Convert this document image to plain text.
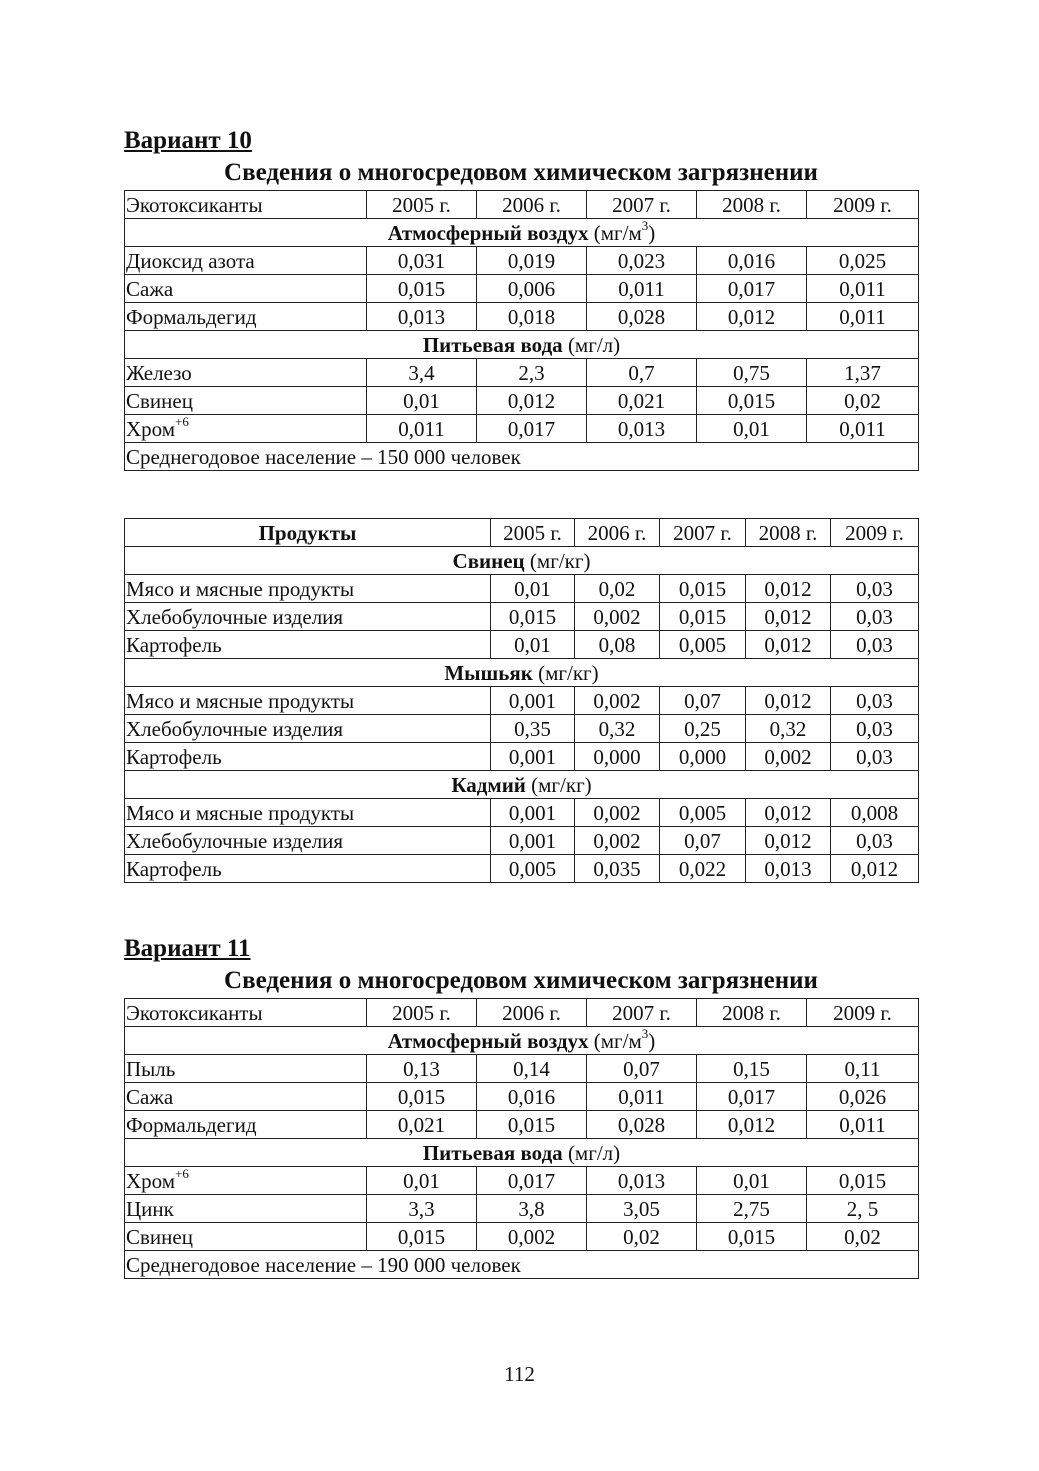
Вариант 10
Сведения о многосредовом химическом загрязнении
Экотоксиканты	2005 г.	2006 г.	2007 г.	2008 г.	2009 г.
Атмосферный воздух $(мг/м^3)$					
Диоксид азота	0,031	0,019	0,023	0,016	0,025
Сажа	0,015	0,006	0,011	0,017	0,011
Формальдегид	0,013	0,018	0,028	0,012	0,011
Питьевая вода (мг/л)					
Железо	3,4	2,3	0,7	0,75	1,37
Свинец	0,01	0,012	0,021	0,015	0,02
Хром$^{+6}$	0,011	0,017	0,013	0,01	0,011
Среднегодовое население – 150 000 человек					
Продукты	2005 г.	2006 г.	2007 г.	2008 г.	2009 г.
Свинец (мг/кг)					
Мясо и мясные продукты	0,01	0,02	0,015	0,012	0,03
Хлебобулочные изделия	0,015	0,002	0,015	0,012	0,03
Картофель	0,01	0,08	0,005	0,012	0,03
Мышьяк (мг/кг)					
Мясо и мясные продукты	0,001	0,002	0,07	0,012	0,03
Хлебобулочные изделия	0,35	0,32	0,25	0,32	0,03
Картофель	0,001	0,000	0,000	0,002	0,03
Кадмий (мг/кг)					
Мясо и мясные продукты	0,001	0,002	0,005	0,012	0,008
Хлебобулочные изделия	0,001	0,002	0,07	0,012	0,03
Картофель	0,005	0,035	0,022	0,013	0,012
Вариант 11
Сведения о многосредовом химическом загрязнении
Экотоксиканты	2005 г.	2006 г.	2007 г.	2008 г.	2009 г.
Атмосферный воздух $(мг/м^3)$					
Пыль	0,13	0,14	0,07	0,15	0,11
Сажа	0,015	0,016	0,011	0,017	0,026
Формальдегид	0,021	0,015	0,028	0,012	0,011
Питьевая вода (мг/л)					
Хром$^{+6}$	0,01	0,017	0,013	0,01	0,015
Цинк	3,3	3,8	3,05	2,75	2, 5
Свинец	0,015	0,002	0,02	0,015	0,02
Среднегодовое население – 190 000 человек					

112
